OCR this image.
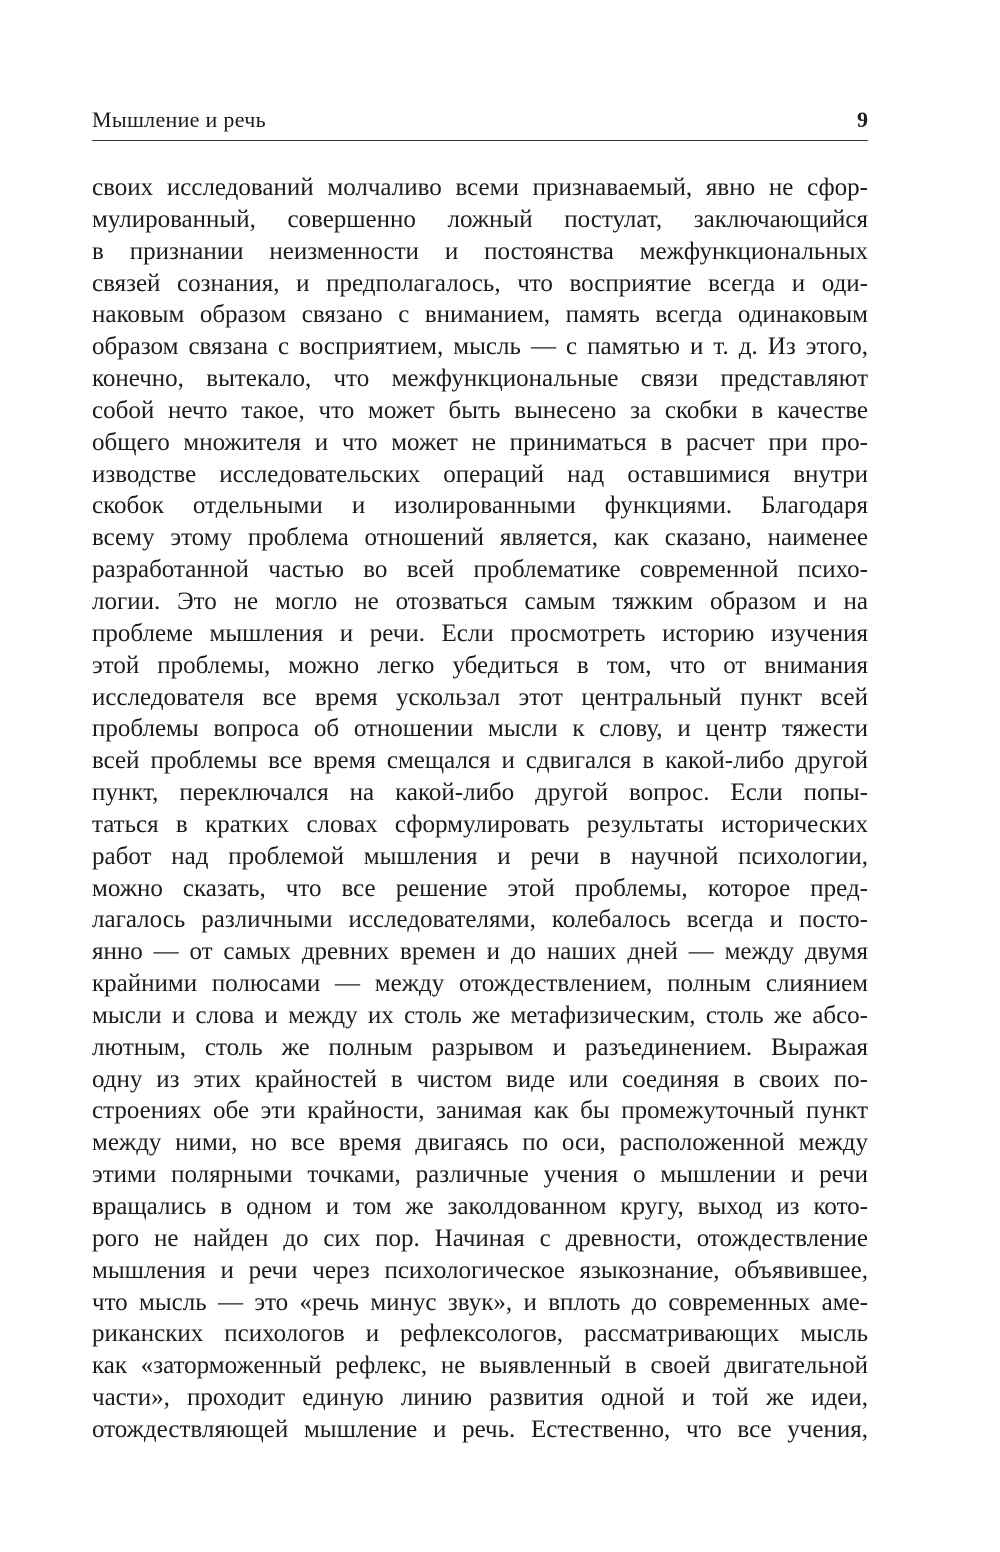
Мышление и речь	9
своих исследований молчаливо всеми признаваемый, явно не сфор-
мулированный, совершенно ложный постулат, заключающийся
в признании неизменности и постоянства межфункциональных
связей сознания, и предполагалось, что восприятие всегда и оди-
наковым образом связано с вниманием, память всегда одинаковым
образом связана с восприятием, мысль — с памятью и т. д. Из этого,
конечно, вытекало, что межфункциональные связи представляют
собой нечто такое, что может быть вынесено за скобки в качестве
общего множителя и что может не приниматься в расчет при про-
изводстве исследовательских операций над оставшимися внутри
скобок отдельными и изолированными функциями. Благодаря
всему этому проблема отношений является, как сказано, наименее
разработанной частью во всей проблематике современной психо-
логии. Это не могло не отозваться самым тяжким образом и на
проблеме мышления и речи. Если просмотреть историю изучения
этой проблемы, можно легко убедиться в том, что от внимания
исследователя все время ускользал этот центральный пункт всей
проблемы вопроса об отношении мысли к слову, и центр тяжести
всей проблемы все время смещался и сдвигался в какой-либо другой
пункт, переключался на какой-либо другой вопрос. Если попы-
таться в кратких словах сформулировать результаты исторических
работ над проблемой мышления и речи в научной психологии,
можно сказать, что все решение этой проблемы, которое пред-
лагалось различными исследователями, колебалось всегда и посто-
янно — от самых древних времен и до наших дней — между двумя
крайними полюсами — между отождествлением, полным слиянием
мысли и слова и между их столь же метафизическим, столь же абсо-
лютным, столь же полным разрывом и разъединением. Выражая
одну из этих крайностей в чистом виде или соединяя в своих по-
строениях обе эти крайности, занимая как бы промежуточный пункт
между ними, но все время двигаясь по оси, расположенной между
этими полярными точками, различные учения о мышлении и речи
вращались в одном и том же заколдованном кругу, выход из кото-
рого не найден до сих пор. Начиная с древности, отождествление
мышления и речи через психологическое языкознание, объявившее,
что мысль — это «речь минус звук», и вплоть до современных аме-
риканских психологов и рефлексологов, рассматривающих мысль
как «заторможенный рефлекс, не выявленный в своей двигательной
части», проходит единую линию развития одной и той же идеи,
отождествляющей мышление и речь. Естественно, что все учения,
